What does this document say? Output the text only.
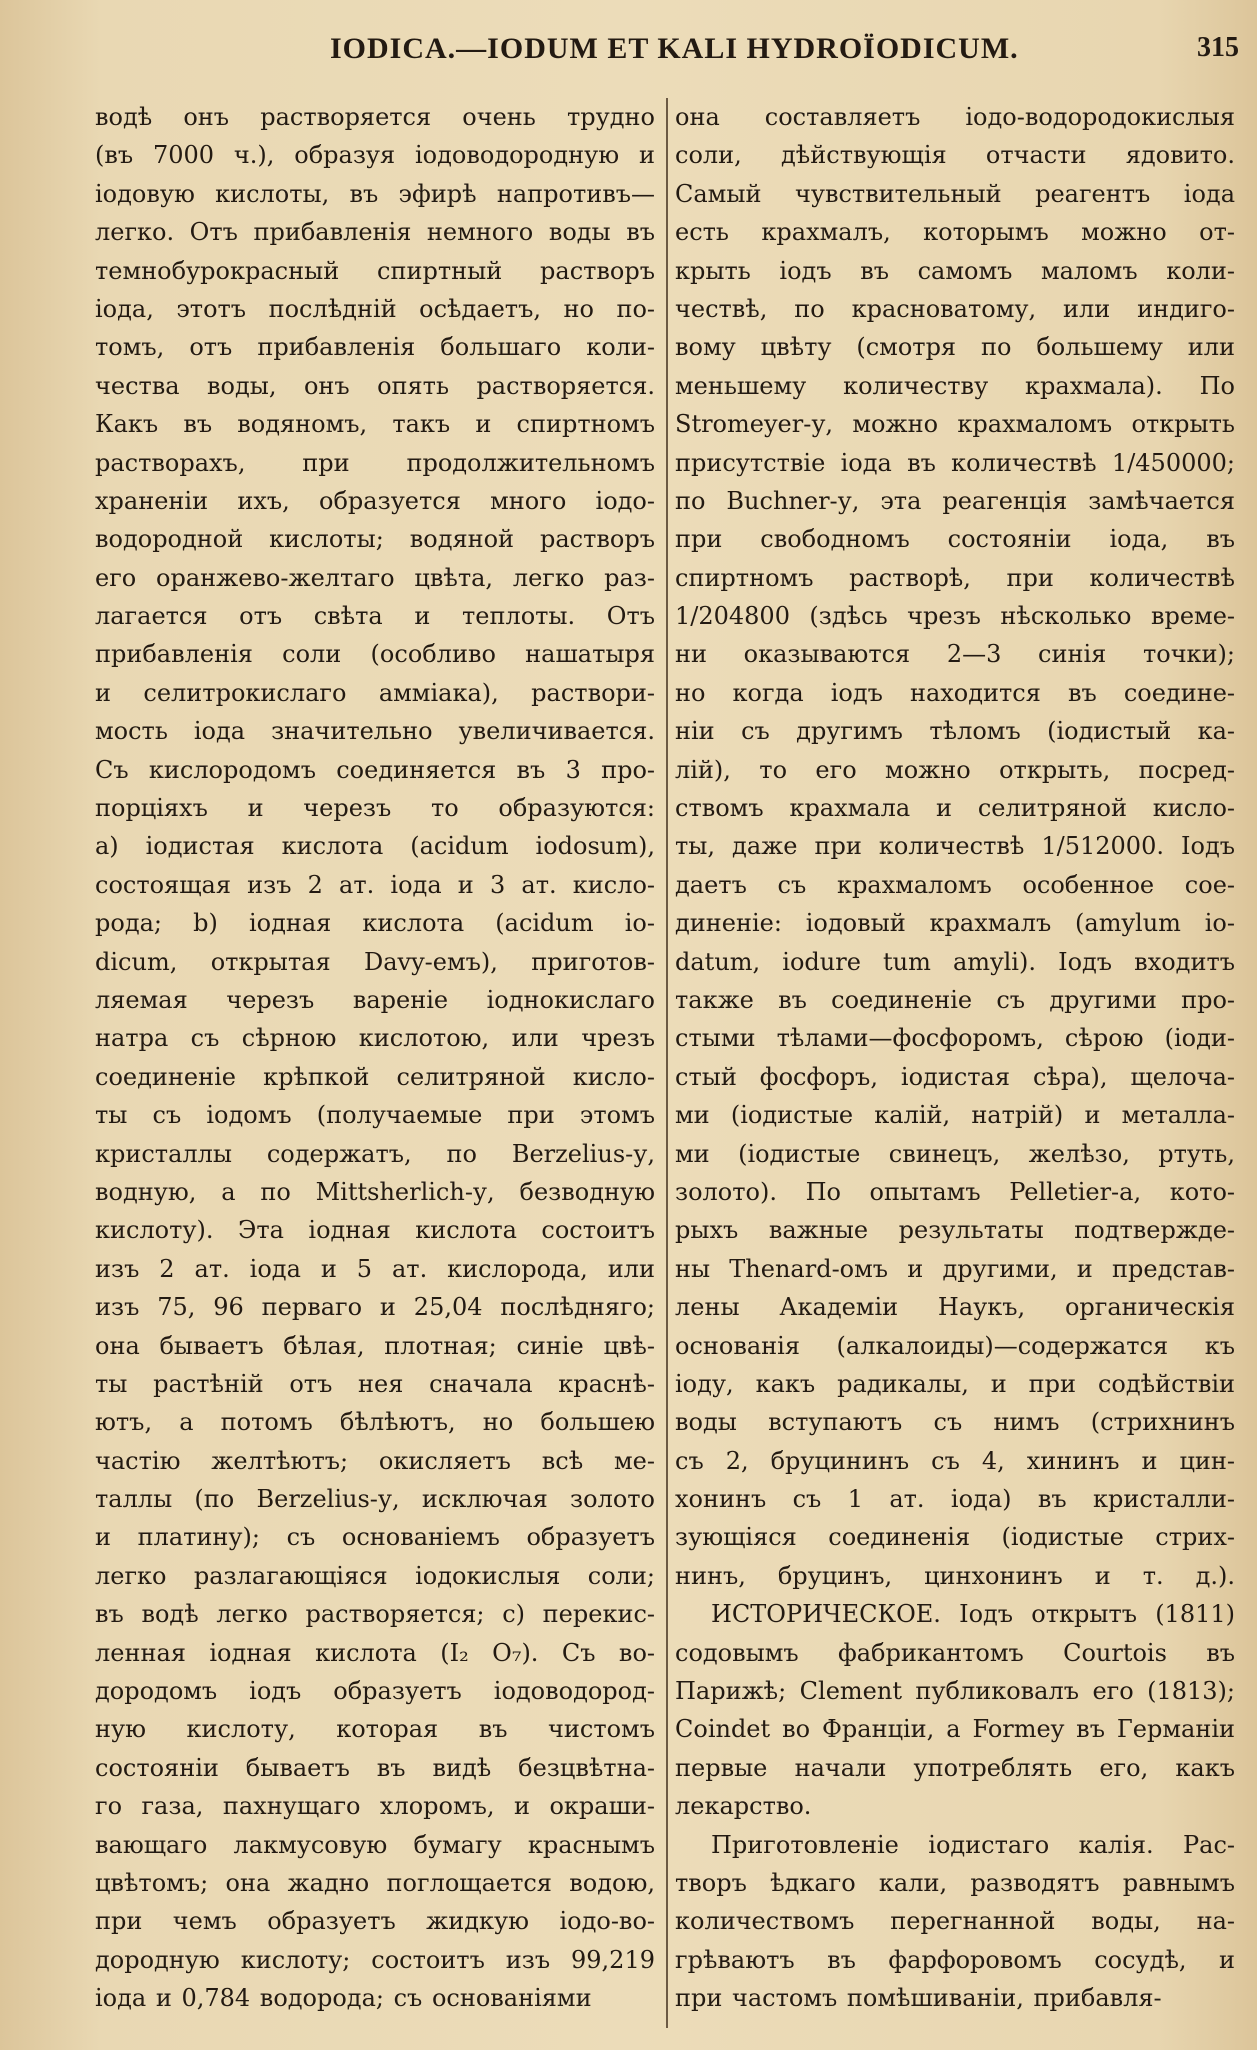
IODICA.—IODUM ET KALI HYDROÏODICUM.	315
водѣ онъ растворяется очень трудно
(въ 7000 ч.), образуя іодоводородную и
іодовую кислоты, въ эфирѣ напротивъ—
легко. Отъ прибавленія немного воды въ
темнобурокрасный спиртный растворъ
іода, этотъ послѣдній осѣдаетъ, но по-
томъ, отъ прибавленія большаго коли-
чества воды, онъ опять растворяется.
Какъ въ водяномъ, такъ и спиртномъ
растворахъ, при продолжительномъ
храненіи ихъ, образуется много іодо-
водородной кислоты; водяной растворъ
его оранжево-желтаго цвѣта, легко раз-
лагается отъ свѣта и теплоты. Отъ
прибавленія соли (особливо нашатыря
и селитрокислаго амміака), раствори-
мость іода значительно увеличивается.
Съ кислородомъ соединяется въ 3 про-
порціяхъ и черезъ то образуются:
а) іодистая кислота (acidum iodosum),
состоящая изъ 2 ат. іода и 3 ат. кисло-
рода; b) іодная кислота (acidum io-
dicum, открытая Davy-емъ), приготов-
ляемая черезъ вареніе іоднокислаго
натра съ сѣрною кислотою, или чрезъ
соединеніе крѣпкой селитряной кисло-
ты съ іодомъ (получаемые при этомъ
кристаллы содержатъ, по Berzelius-у,
водную, а по Mittsherlich-у, безводную
кислоту). Эта іодная кислота состоитъ
изъ 2 ат. іода и 5 ат. кислорода, или
изъ 75, 96 перваго и 25,04 послѣдняго;
она бываетъ бѣлая, плотная; синіе цвѣ-
ты растѣній отъ нея сначала краснѣ-
ютъ, а потомъ бѣлѣютъ, но большею
частію желтѣютъ; окисляетъ всѣ ме-
таллы (по Berzelius-у, исключая золото
и платину); съ основаніемъ образуетъ
легко разлагающіяся іодокислыя соли;
въ водѣ легко растворяется; с) перекис-
ленная іодная кислота (I₂ O₇). Съ во-
дородомъ іодъ образуетъ іодоводород-
ную кислоту, которая въ чистомъ
состояніи бываетъ въ видѣ безцвѣтна-
го газа, пахнущаго хлоромъ, и окраши-
вающаго лакмусовую бумагу краснымъ
цвѣтомъ; она жадно поглощается водою,
при чемъ образуетъ жидкую іодо-во-
дородную кислоту; состоитъ изъ 99,219
іода и 0,784 водорода; съ основаніями
она составляетъ іодо-водородокислыя
соли, дѣйствующія отчасти ядовито.
Самый чувствительный реагентъ іода
есть крахмалъ, которымъ можно от-
крыть іодъ въ самомъ маломъ коли-
чествѣ, по красноватому, или индиго-
вому цвѣту (смотря по большему или
меньшему количеству крахмала). По
Stromeyer-у, можно крахмаломъ открыть
присутствіе іода въ количествѣ 1/450000;
по Buchner-у, эта реагенція замѣчается
при свободномъ состояніи іода, въ
спиртномъ растворѣ, при количествѣ
1/204800 (здѣсь чрезъ нѣсколько време-
ни оказываются 2—3 синія точки);
но когда іодъ находится въ соедине-
ніи съ другимъ тѣломъ (іодистый ка-
лій), то его можно открыть, посред-
ствомъ крахмала и селитряной кисло-
ты, даже при количествѣ 1/512000. Іодъ
даетъ съ крахмаломъ особенное сое-
диненіе: іодовый крахмалъ (amylum io-
datum, iodure tum amyli). Іодъ входитъ
также въ соединеніе съ другими про-
стыми тѣлами—фосфоромъ, сѣрою (іоди-
стый фосфоръ, іодистая сѣра), щелоча-
ми (іодистые калій, натрій) и металла-
ми (іодистые свинецъ, желѣзо, ртуть,
золото). По опытамъ Pelletier-а, кото-
рыхъ важные результаты подтвержде-
ны Thenard-омъ и другими, и представ-
лены Академіи Наукъ, органическія
основанія (алкалоиды)—содержатся къ
іоду, какъ радикалы, и при содѣйствіи
воды вступаютъ съ нимъ (стрихнинъ
съ 2, бруцининъ съ 4, хининъ и цин-
хонинъ съ 1 ат. іода) въ кристалли-
зующіяся соединенія (іодистые стрих-
нинъ, бруцинъ, цинхонинъ и т. д.).
ИСТОРИЧЕСКОЕ. Іодъ открытъ (1811)
содовымъ фабрикантомъ Courtois въ
Парижѣ; Clement публиковалъ его (1813);
Coindet во Франціи, а Formey въ Германіи
первые начали употреблять его, какъ
лекарство.
Приготовленіе іодистаго калія. Рас-
творъ ѣдкаго кали, разводятъ равнымъ
количествомъ перегнанной воды, на-
грѣваютъ въ фарфоровомъ сосудѣ, и
при частомъ помѣшиваніи, прибавля-
